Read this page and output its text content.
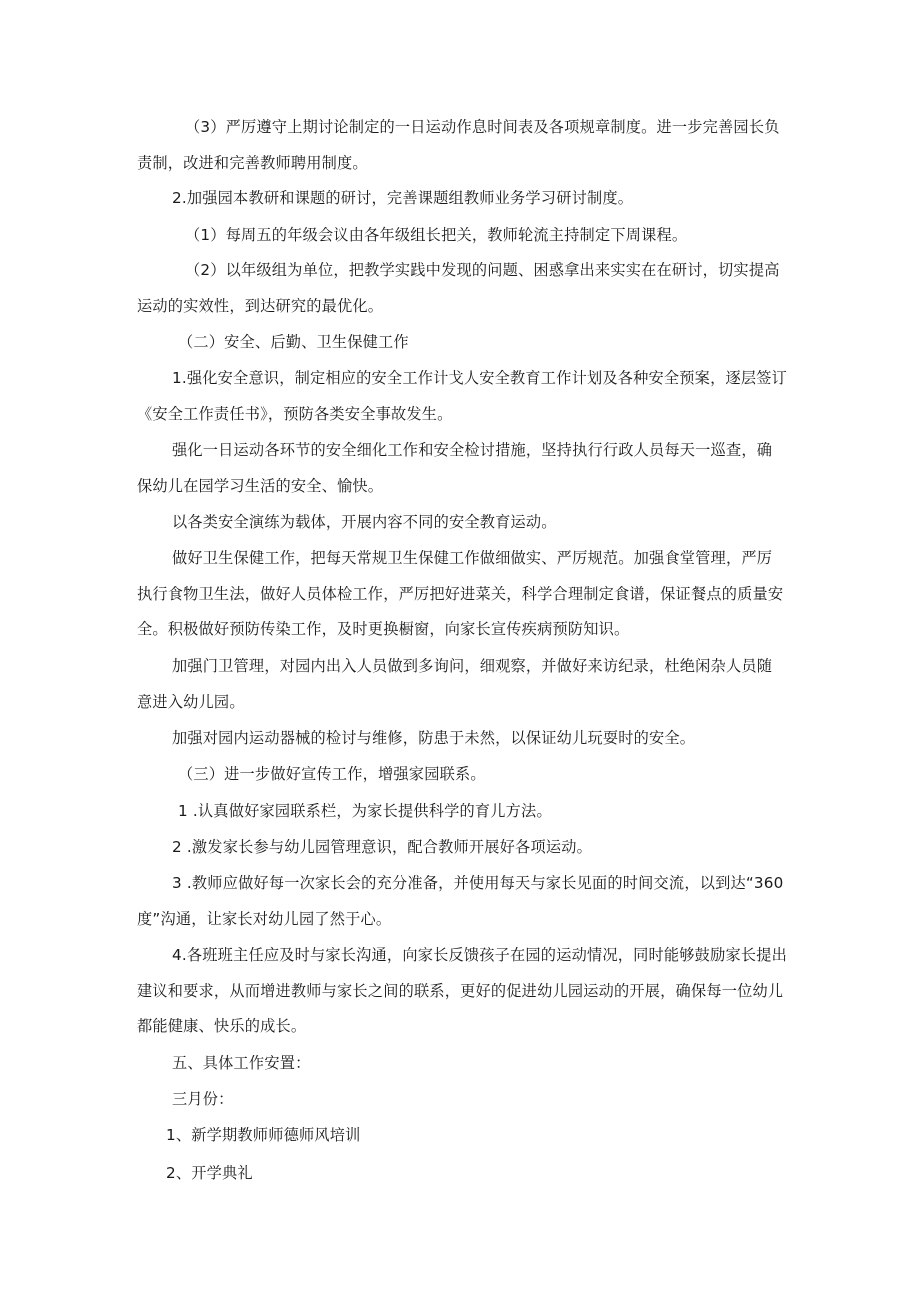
（3）严厉遵守上期讨论制定的一日运动作息时间表及各项规章制度。进一步完善园长负责制，改进和完善教师聘用制度。

2.加强园本教研和课题的研讨，完善课题组教师业务学习研讨制度。

（1）每周五的年级会议由各年级组长把关，教师轮流主持制定下周课程。

（2）以年级组为单位，把教学实践中发现的问题、困惑拿出来实实在在研讨，切实提高运动的实效性，到达研究的最优化。

（二）安全、后勤、卫生保健工作

1.强化安全意识，制定相应的安全工作计戈人安全教育工作计划及各种安全预案，逐层签订《安全工作责任书》，预防各类安全事故发生。

强化一日运动各环节的安全细化工作和安全检讨措施，坚持执行行政人员每天一巡查，确保幼儿在园学习生活的安全、愉快。

以各类安全演练为载体，开展内容不同的安全教育运动。

做好卫生保健工作，把每天常规卫生保健工作做细做实、严厉规范。加强食堂管理，严厉执行食物卫生法，做好人员体检工作，严厉把好进菜关，科学合理制定食谱，保证餐点的质量安全。积极做好预防传染工作，及时更换橱窗，向家长宣传疾病预防知识。

加强门卫管理，对园内出入人员做到多询问，细观察，并做好来访纪录，杜绝闲杂人员随意进入幼儿园。

加强对园内运动器械的检讨与维修，防患于未然，以保证幼儿玩耍时的安全。

（三）进一步做好宣传工作，增强家园联系。

1 .认真做好家园联系栏，为家长提供科学的育儿方法。

2 .激发家长参与幼儿园管理意识，配合教师开展好各项运动。

3 .教师应做好每一次家长会的充分准备，并使用每天与家长见面的时间交流，以到达“360度”沟通，让家长对幼儿园了然于心。

4.各班班主任应及时与家长沟通，向家长反馈孩子在园的运动情况，同时能够鼓励家长提出建议和要求，从而增进教师与家长之间的联系，更好的促进幼儿园运动的开展，确保每一位幼儿都能健康、快乐的成长。

五、具体工作安置：

三月份：

1、新学期教师师德师风培训

2、开学典礼
